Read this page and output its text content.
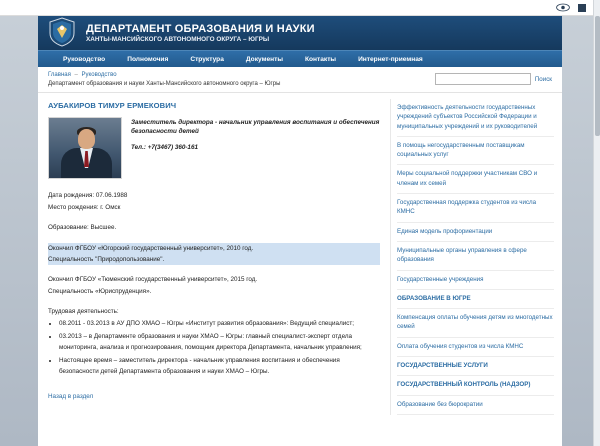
ДЕПАРТАМЕНТ ОБРАЗОВАНИЯ И НАУКИ
ХАНТЫ-МАНСИЙСКОГО АВТОНОМНОГО ОКРУГА – ЮГРЫ
Руководство	Полномочия	Структура	Документы	Контакты	Интернет-приемная
Главная – Руководство
Департамент образования и науки Ханты-Мансийского автономного округа – Югры
Поиск
АУБАКИРОВ ТИМУР ЕРМЕКОВИЧ
Заместитель директора - начальник управления воспитания и обеспечения безопасности детей
Тел.: +7(3467) 360-161
Дата рождения: 07.06.1988
Место рождения: г. Омск
Образование: Высшее.
Окончил ФГБОУ «Югорский государственный университет», 2010 год.
Специальность "Природопользование".
Окончил ФГБОУ «Тюменский государственный университет», 2015 год.
Специальность «Юриспруденция».
Трудовая деятельность:
• 08.2011 - 03.2013 в АУ ДПО ХМАО – Югры «Институт развития образования»: Ведущий специалист;
• 03.2013 – в Департаменте образования и науки ХМАО – Югры: главный специалист-эксперт отдела мониторинга, анализа и прогнозирования, помощник директора Департамента, начальник управления;
• Настоящее время – заместитель директора - начальник управления воспитания и обеспечения безопасности детей Департамента образования и науки ХМАО – Югры.
Назад в раздел
Эффективность деятельности государственных учреждений субъектов Российской Федерации и муниципальных учреждений и их руководителей
В помощь негосударственным поставщикам социальных услуг
Меры социальной поддержки участникам СВО и членам их семей
Государственная поддержка студентов из числа КМНС
Единая модель профориентации
Муниципальные органы управления в сфере образования
Государственные учреждения
ОБРАЗОВАНИЕ В ЮГРЕ
Компенсация оплаты обучения детям из многодетных семей
Оплата обучения студентов из числа КМНС
ГОСУДАРСТВЕННЫЕ УСЛУГИ
ГОСУДАРСТВЕННЫЙ КОНТРОЛЬ (НАДЗОР)
Образование без бюрократии
